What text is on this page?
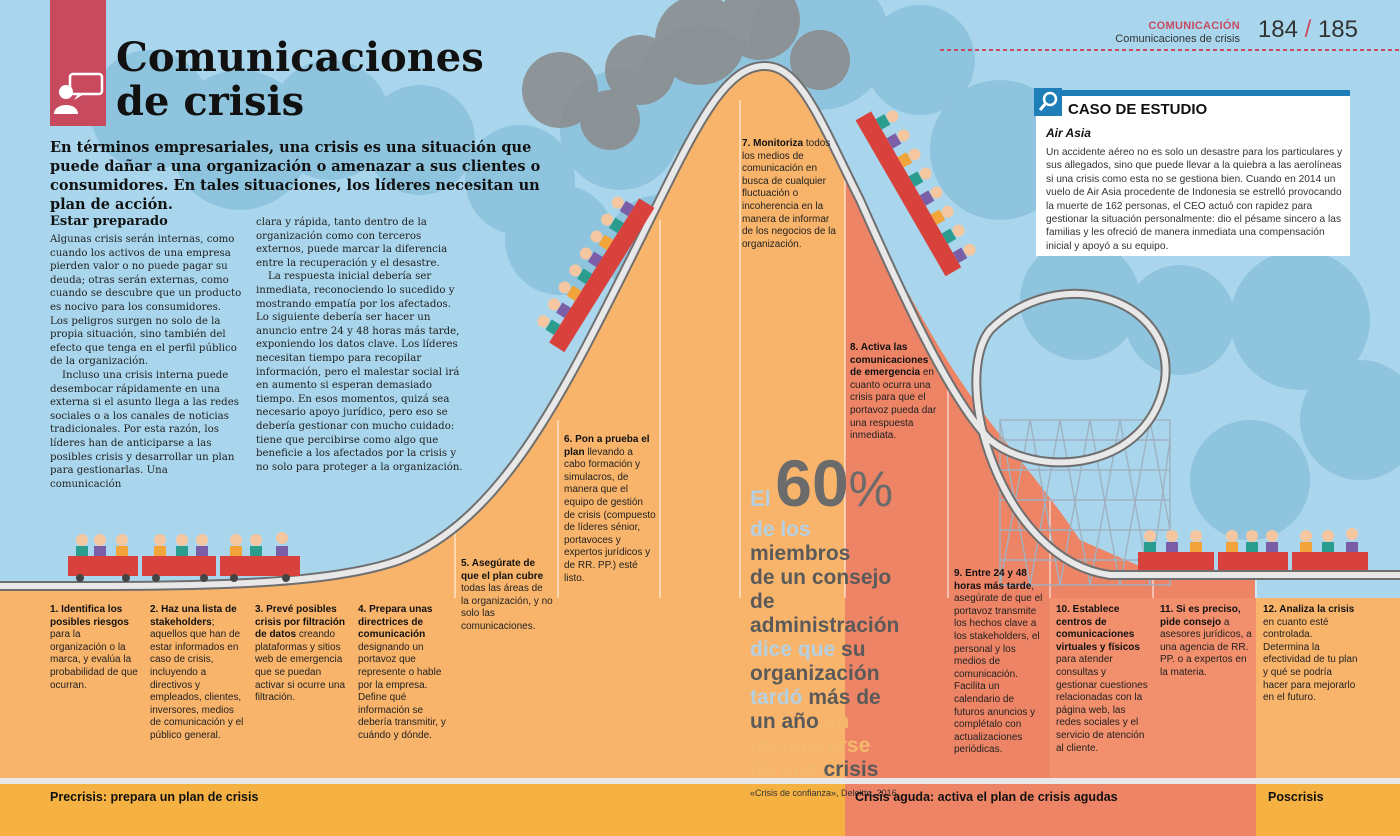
Comunicaciones
de crisis
COMUNICACIÓN
Comunicaciones de crisis 184 / 185
En términos empresariales, una crisis es una situación que puede dañar a una organización o amenazar a sus clientes o consumidores. En tales situaciones, los líderes necesitan un plan de acción.
Estar preparado

Algunas crisis serán internas, como cuando los activos de una empresa pierden valor o no puede pagar su deuda; otras serán externas, como cuando se descubre que un producto es nocivo para los consumidores. Los peligros surgen no solo de la propia situación, sino también del efecto que tenga en el perfil público de la organización.

Incluso una crisis interna puede desembocar rápidamente en una externa si el asunto llega a las redes sociales o a los canales de noticias tradicionales. Por esta razón, los líderes han de anticiparse a las posibles crisis y desarrollar un plan para gestionarlas. Una comunicación

clara y rápida, tanto dentro de la organización como con terceros externos, puede marcar la diferencia entre la recuperación y el desastre.

La respuesta inicial debería ser inmediata, reconociendo lo sucedido y mostrando empatía por los afectados. Lo siguiente debería ser hacer un anuncio entre 24 y 48 horas más tarde, exponiendo los datos clave. Los líderes necesitan tiempo para recopilar información, pero el malestar social irá en aumento si esperan demasiado tiempo. En esos momentos, quizá sea necesario apoyo jurídico, pero eso se debería gestionar con mucho cuidado: tiene que percibirse como algo que beneficie a los afectados por la crisis y no solo para proteger a la organización.

CASO DE ESTUDIO
Air Asia
Un accidente aéreo no es solo un desastre para los particulares y sus allegados, sino que puede llevar a la quiebra a las aerolíneas si una crisis como esta no se gestiona bien. Cuando en 2014 un vuelo de Air Asia procedente de Indonesia se estrelló provocando la muerte de 162 personas, el CEO actuó con rapidez para gestionar la situación personalmente: dio el pésame sincero a las familias y les ofreció de manera inmediata una compensación inicial y apoyó a su equipo.
1. Identifica los posibles riesgos para la organización o la marca, y evalúa la probabilidad de que ocurran.
2. Haz una lista de stakeholders; aquellos que han de estar informados en caso de crisis, incluyendo a directivos y empleados, clientes, inversores, medios de comunicación y el público general.
3. Prevé posibles crisis por filtración de datos creando plataformas y sitios web de emergencia que se puedan activar si ocurre una filtración.
4. Prepara unas directrices de comunicación designando un portavoz que represente o hable por la empresa. Define qué información se debería transmitir, y cuándo y dónde.
5. Asegúrate de que el plan cubre todas las áreas de la organización, y no solo las comunicaciones.
6. Pon a prueba el plan llevando a cabo formación y simulacros, de manera que el equipo de gestión de crisis (compuesto de líderes sénior, portavoces y expertos jurídicos y de RR. PP.) esté listo.
7. Monitoriza todos los medios de comunicación en busca de cualquier fluctuación o incoherencia en la manera de informar de los negocios de la organización.
8. Activa las comunicaciones de emergencia en cuanto ocurra una crisis para que el portavoz pueda dar una respuesta inmediata.
9. Entre 24 y 48 horas más tarde, asegúrate de que el portavoz transmite los hechos clave a los stakeholders, el personal y los medios de comunicación. Facilita un calendario de futuros anuncios y complétalo con actualizaciones periódicas.
10. Establece centros de comunicaciones virtuales y físicos para atender consultas y gestionar cuestiones relacionadas con la página web, las redes sociales y el servicio de atención al cliente.
11. Si es preciso, pide consejo a asesores jurídicos, a una agencia de RR. PP. o a expertos en la materia.
12. Analiza la crisis en cuanto esté controlada. Determina la efectividad de tu plan y qué se podría hacer para mejorarlo en el futuro.
El 60%
de los miembros
de un consejo de
administración
dice que su
organización
tardó más de
un año en
recuperarse
de una crisis
«Crisis de confianza», Deloitte, 2016
Precrisis: prepara un plan de crisis	Crisis aguda: activa el plan de crisis agudas	Poscrisis
